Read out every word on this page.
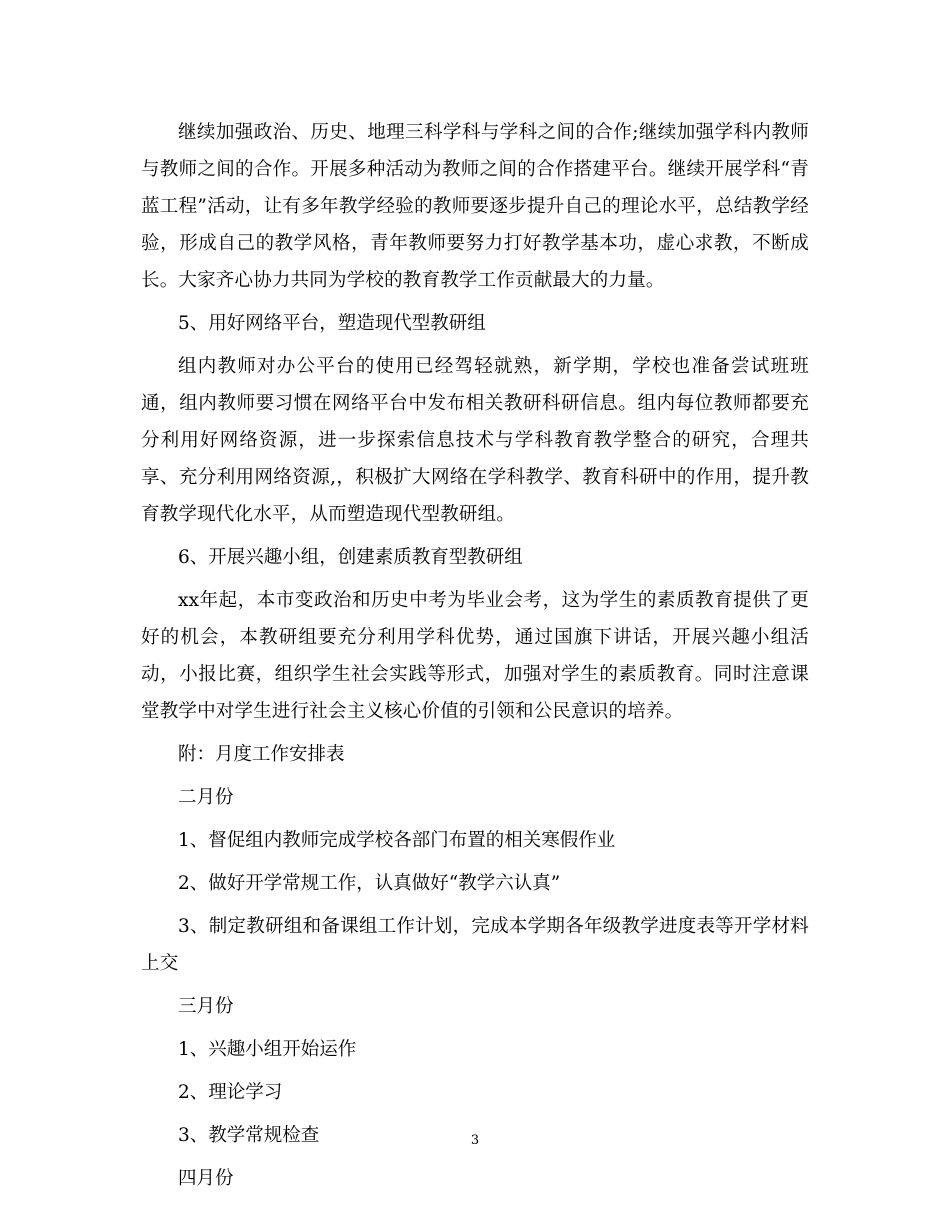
继续加强政治、历史、地理三科学科与学科之间的合作;继续加强学科内教师与教师之间的合作。开展多种活动为教师之间的合作搭建平台。继续开展学科“青蓝工程”活动，让有多年教学经验的教师要逐步提升自己的理论水平，总结教学经验，形成自己的教学风格，青年教师要努力打好教学基本功，虚心求教，不断成长。大家齐心协力共同为学校的教育教学工作贡献最大的力量。

5、用好网络平台，塑造现代型教研组

组内教师对办公平台的使用已经驾轻就熟，新学期，学校也准备尝试班班通，组内教师要习惯在网络平台中发布相关教研科研信息。组内每位教师都要充分利用好网络资源，进一步探索信息技术与学科教育教学整合的研究，合理共享、充分利用网络资源,，积极扩大网络在学科教学、教育科研中的作用，提升教育教学现代化水平，从而塑造现代型教研组。

6、开展兴趣小组，创建素质教育型教研组

xx年起，本市变政治和历史中考为毕业会考，这为学生的素质教育提供了更好的机会，本教研组要充分利用学科优势，通过国旗下讲话，开展兴趣小组活动，小报比赛，组织学生社会实践等形式，加强对学生的素质教育。同时注意课堂教学中对学生进行社会主义核心价值的引领和公民意识的培养。

附：月度工作安排表

二月份

1、督促组内教师完成学校各部门布置的相关寒假作业

2、做好开学常规工作，认真做好“教学六认真”

3、制定教研组和备课组工作计划，完成本学期各年级教学进度表等开学材料上交

三月份

1、兴趣小组开始运作

2、理论学习

3、教学常规检查

四月份

3
